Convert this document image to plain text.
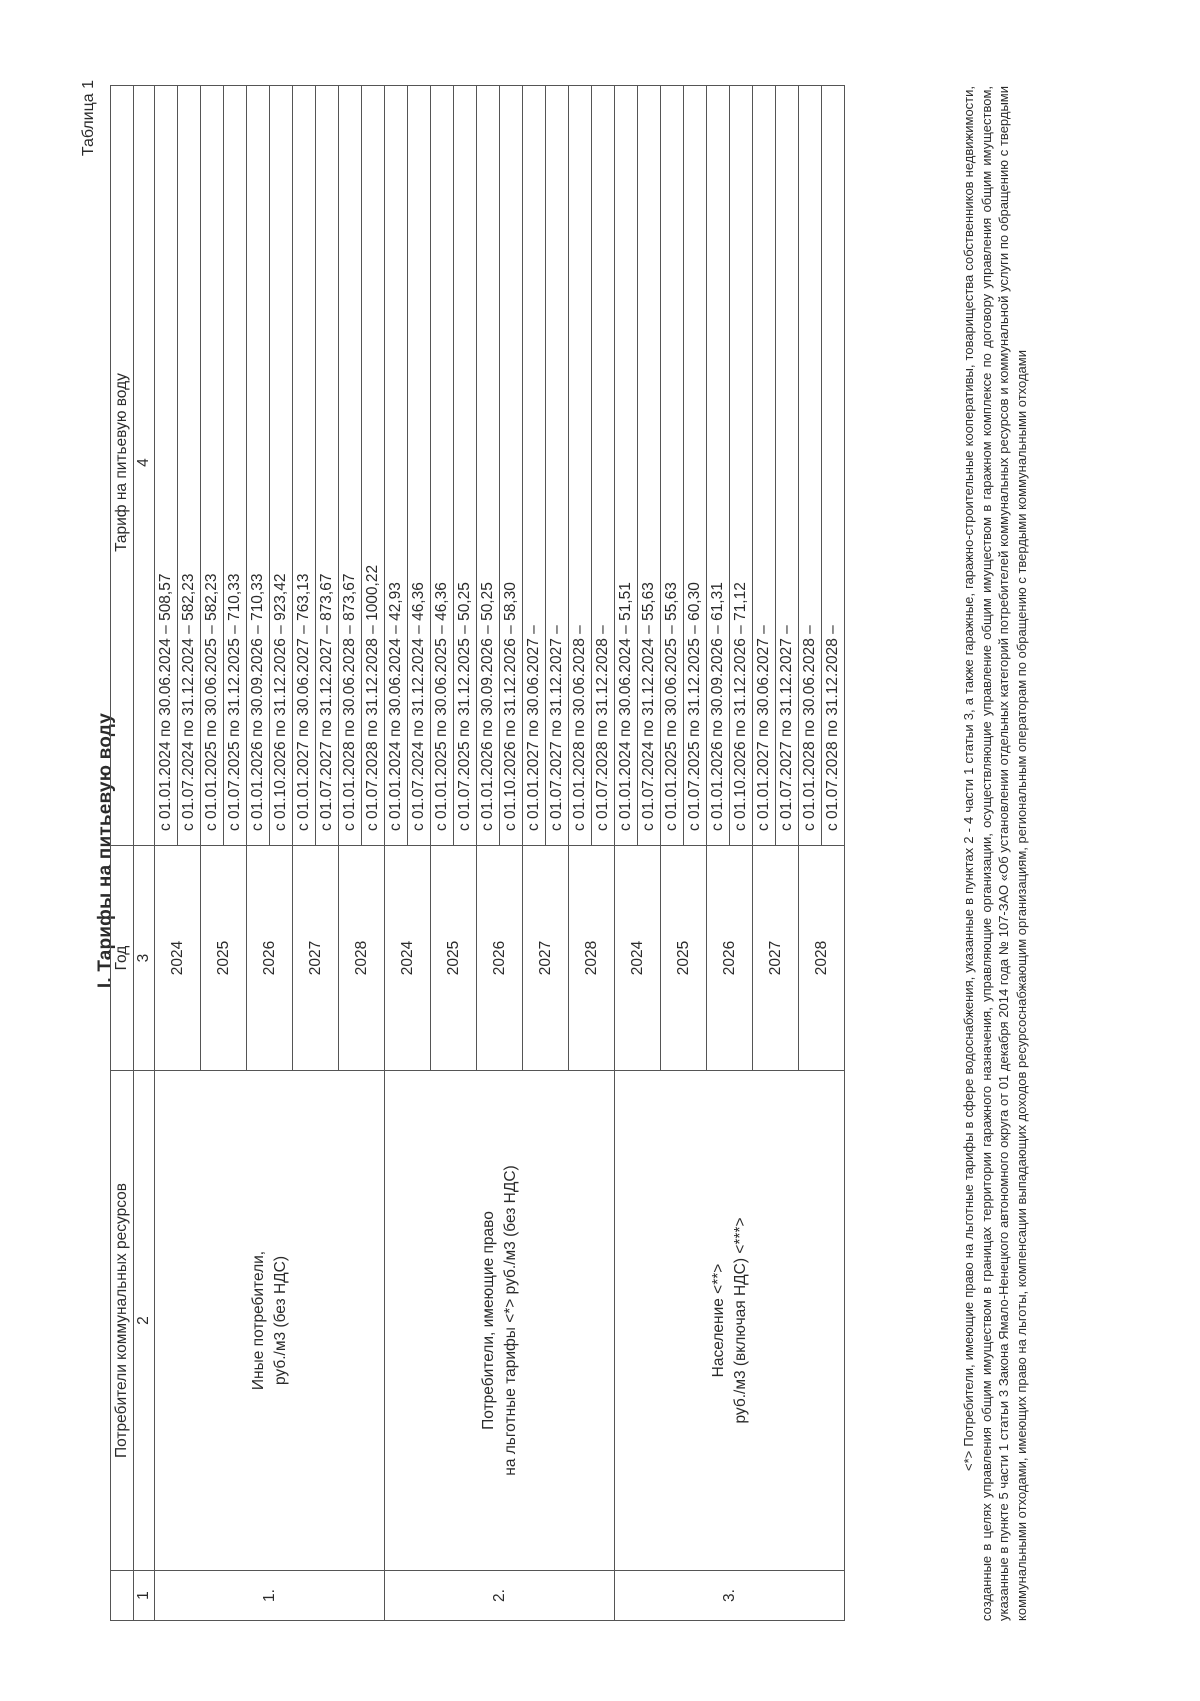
I. Тарифы на питьевую воду
Таблица 1
	Потребители коммунальных ресурсов	Год	Тариф на питьевую воду
1	2	3	4
1.	Иные потребители, руб./м3 (без НДС)	2024	с 01.01.2024 по 30.06.2024 – 508,57
			с 01.07.2024 по 31.12.2024 – 582,23
		2025	с 01.01.2025 по 30.06.2025 – 582,23
			с 01.07.2025 по 31.12.2025 – 710,33
		2026	с 01.01.2026 по 30.09.2026 – 710,33
			с 01.10.2026 по 31.12.2026 – 923,42
		2027	с 01.01.2027 по 30.06.2027 – 763,13
			с 01.07.2027 по 31.12.2027 – 873,67
		2028	с 01.01.2028 по 30.06.2028 – 873,67
			с 01.07.2028 по 31.12.2028 – 1000,22
2.	Потребители, имеющие право на льготные тарифы <*> руб./м3 (без НДС)	2024	с 01.01.2024 по 30.06.2024 – 42,93
			с 01.07.2024 по 31.12.2024 – 46,36
		2025	с 01.01.2025 по 30.06.2025 – 46,36
			с 01.07.2025 по 31.12.2025 – 50,25
		2026	с 01.01.2026 по 30.09.2026 – 50,25
			с 01.10.2026 по 31.12.2026 – 58,30
		2027	с 01.01.2027 по 30.06.2027 –
			с 01.07.2027 по 31.12.2027 –
		2028	с 01.01.2028 по 30.06.2028 –
			с 01.07.2028 по 31.12.2028 –
3.	Население <**> руб./м3 (включая НДС) <***>	2024	с 01.01.2024 по 30.06.2024 – 51,51
			с 01.07.2024 по 31.12.2024 – 55,63
		2025	с 01.01.2025 по 30.06.2025 – 55,63
			с 01.07.2025 по 31.12.2025 – 60,30
		2026	с 01.01.2026 по 30.09.2026 – 61,31
			с 01.10.2026 по 31.12.2026 – 71,12
		2027	с 01.01.2027 по 30.06.2027 –
			с 01.07.2027 по 31.12.2027 –
		2028	с 01.01.2028 по 30.06.2028 –
			с 01.07.2028 по 31.12.2028 –	<*> Потребители, имеющие право на льготные тарифы в сфере водоснабжения, указанные в пунктах 2 - 4 части 1 статьи 3, а также гаражные, гаражно-строительные кооперативы, товарищества собственников недвижимости, созданные в целях управления общим имуществом в границах территории гаражного назначения, управляющие организации, осуществляющие управление общим имуществом в гаражном комплексе по договору управления общим имуществом, указанные в пункте 5 части 1 статьи 3 Закона Ямало-Ненецкого автономного округа от 01 декабря 2014 года № 107-ЗАО «Об установлении отдельных категорий потребителей коммунальных ресурсов и коммунальной услуги по обращению с твердыми коммунальными отходами, имеющих право на льготы, компенсации выпадающих доходов ресурсоснабжающим организациям, региональным операторам по обращению с твердыми коммунальными отходами
